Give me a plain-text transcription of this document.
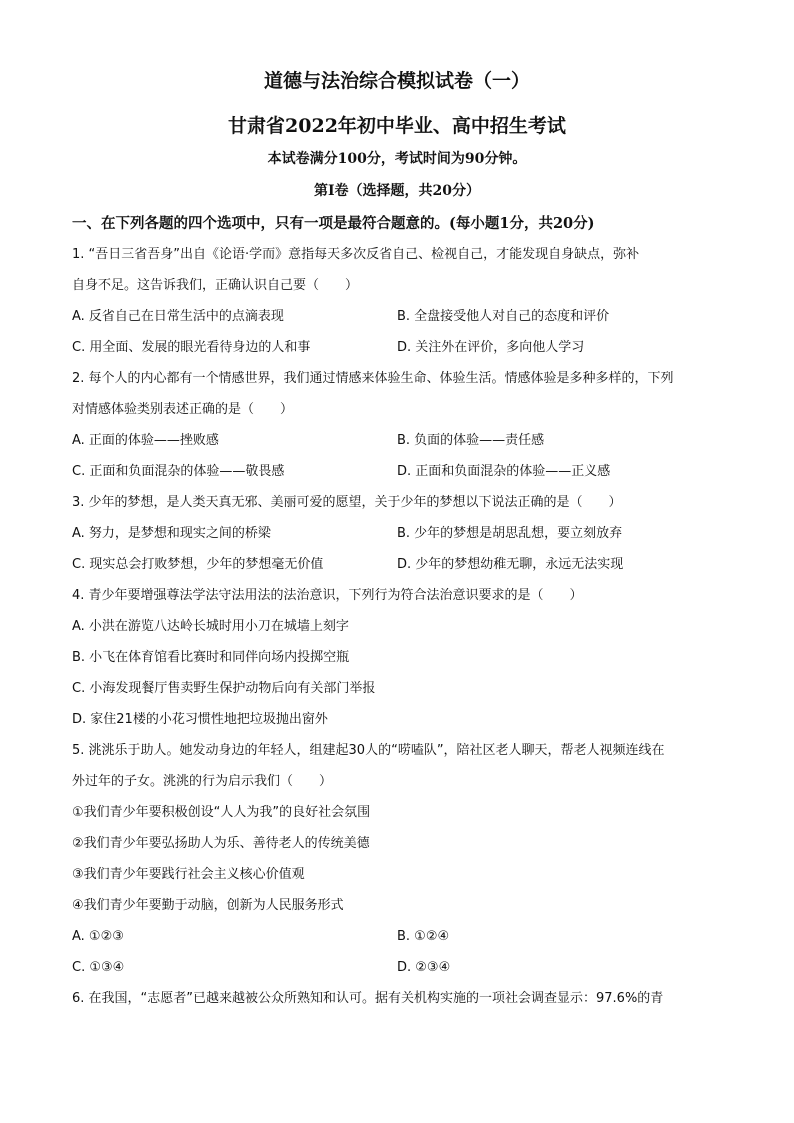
道德与法治综合模拟试卷（一）
甘肃省2022年初中毕业、高中招生考试
本试卷满分100分，考试时间为90分钟。
第Ⅰ卷（选择题，共20分）
一、在下列各题的四个选项中，只有一项是最符合题意的。(每小题1分，共20分)
1. “吾日三省吾身”出自《论语·学而》意指每天多次反省自己、检视自己，才能发现自身缺点，弥补
自身不足。这告诉我们，正确认识自己要（　　）
A. 反省自己在日常生活中的点滴表现	B. 全盘接受他人对自己的态度和评价
C. 用全面、发展的眼光看待身边的人和事	D. 关注外在评价，多向他人学习
2. 每个人的内心都有一个情感世界，我们通过情感来体验生命、体验生活。情感体验是多种多样的，下列
对情感体验类别表述正确的是（　　）
A. 正面的体验——挫败感	B. 负面的体验——责任感
C. 正面和负面混杂的体验——敬畏感	D. 正面和负面混杂的体验——正义感
3. 少年的梦想，是人类天真无邪、美丽可爱的愿望，关于少年的梦想以下说法正确的是（　　）
A. 努力，是梦想和现实之间的桥梁	B. 少年的梦想是胡思乱想，要立刻放弃
C. 现实总会打败梦想，少年的梦想毫无价值	D. 少年的梦想幼稚无聊，永远无法实现
4. 青少年要增强尊法学法守法用法的法治意识，下列行为符合法治意识要求的是（　　）
A. 小洪在游览八达岭长城时用小刀在城墙上刻字
B. 小飞在体育馆看比赛时和同伴向场内投掷空瓶
C. 小海发现餐厅售卖野生保护动物后向有关部门举报
D. 家住21楼的小花习惯性地把垃圾抛出窗外
5. 洮洮乐于助人。她发动身边的年轻人，组建起30人的“唠嗑队”，陪社区老人聊天，帮老人视频连线在
外过年的子女。洮洮的行为启示我们（　　）
①我们青少年要积极创设“人人为我”的良好社会氛围
②我们青少年要弘扬助人为乐、善待老人的传统美德
③我们青少年要践行社会主义核心价值观
④我们青少年要勤于动脑，创新为人民服务形式
A. ①②③	B. ①②④
C. ①③④	D. ②③④
6. 在我国，“志愿者”已越来越被公众所熟知和认可。据有关机构实施的一项社会调查显示：97.6%的青
